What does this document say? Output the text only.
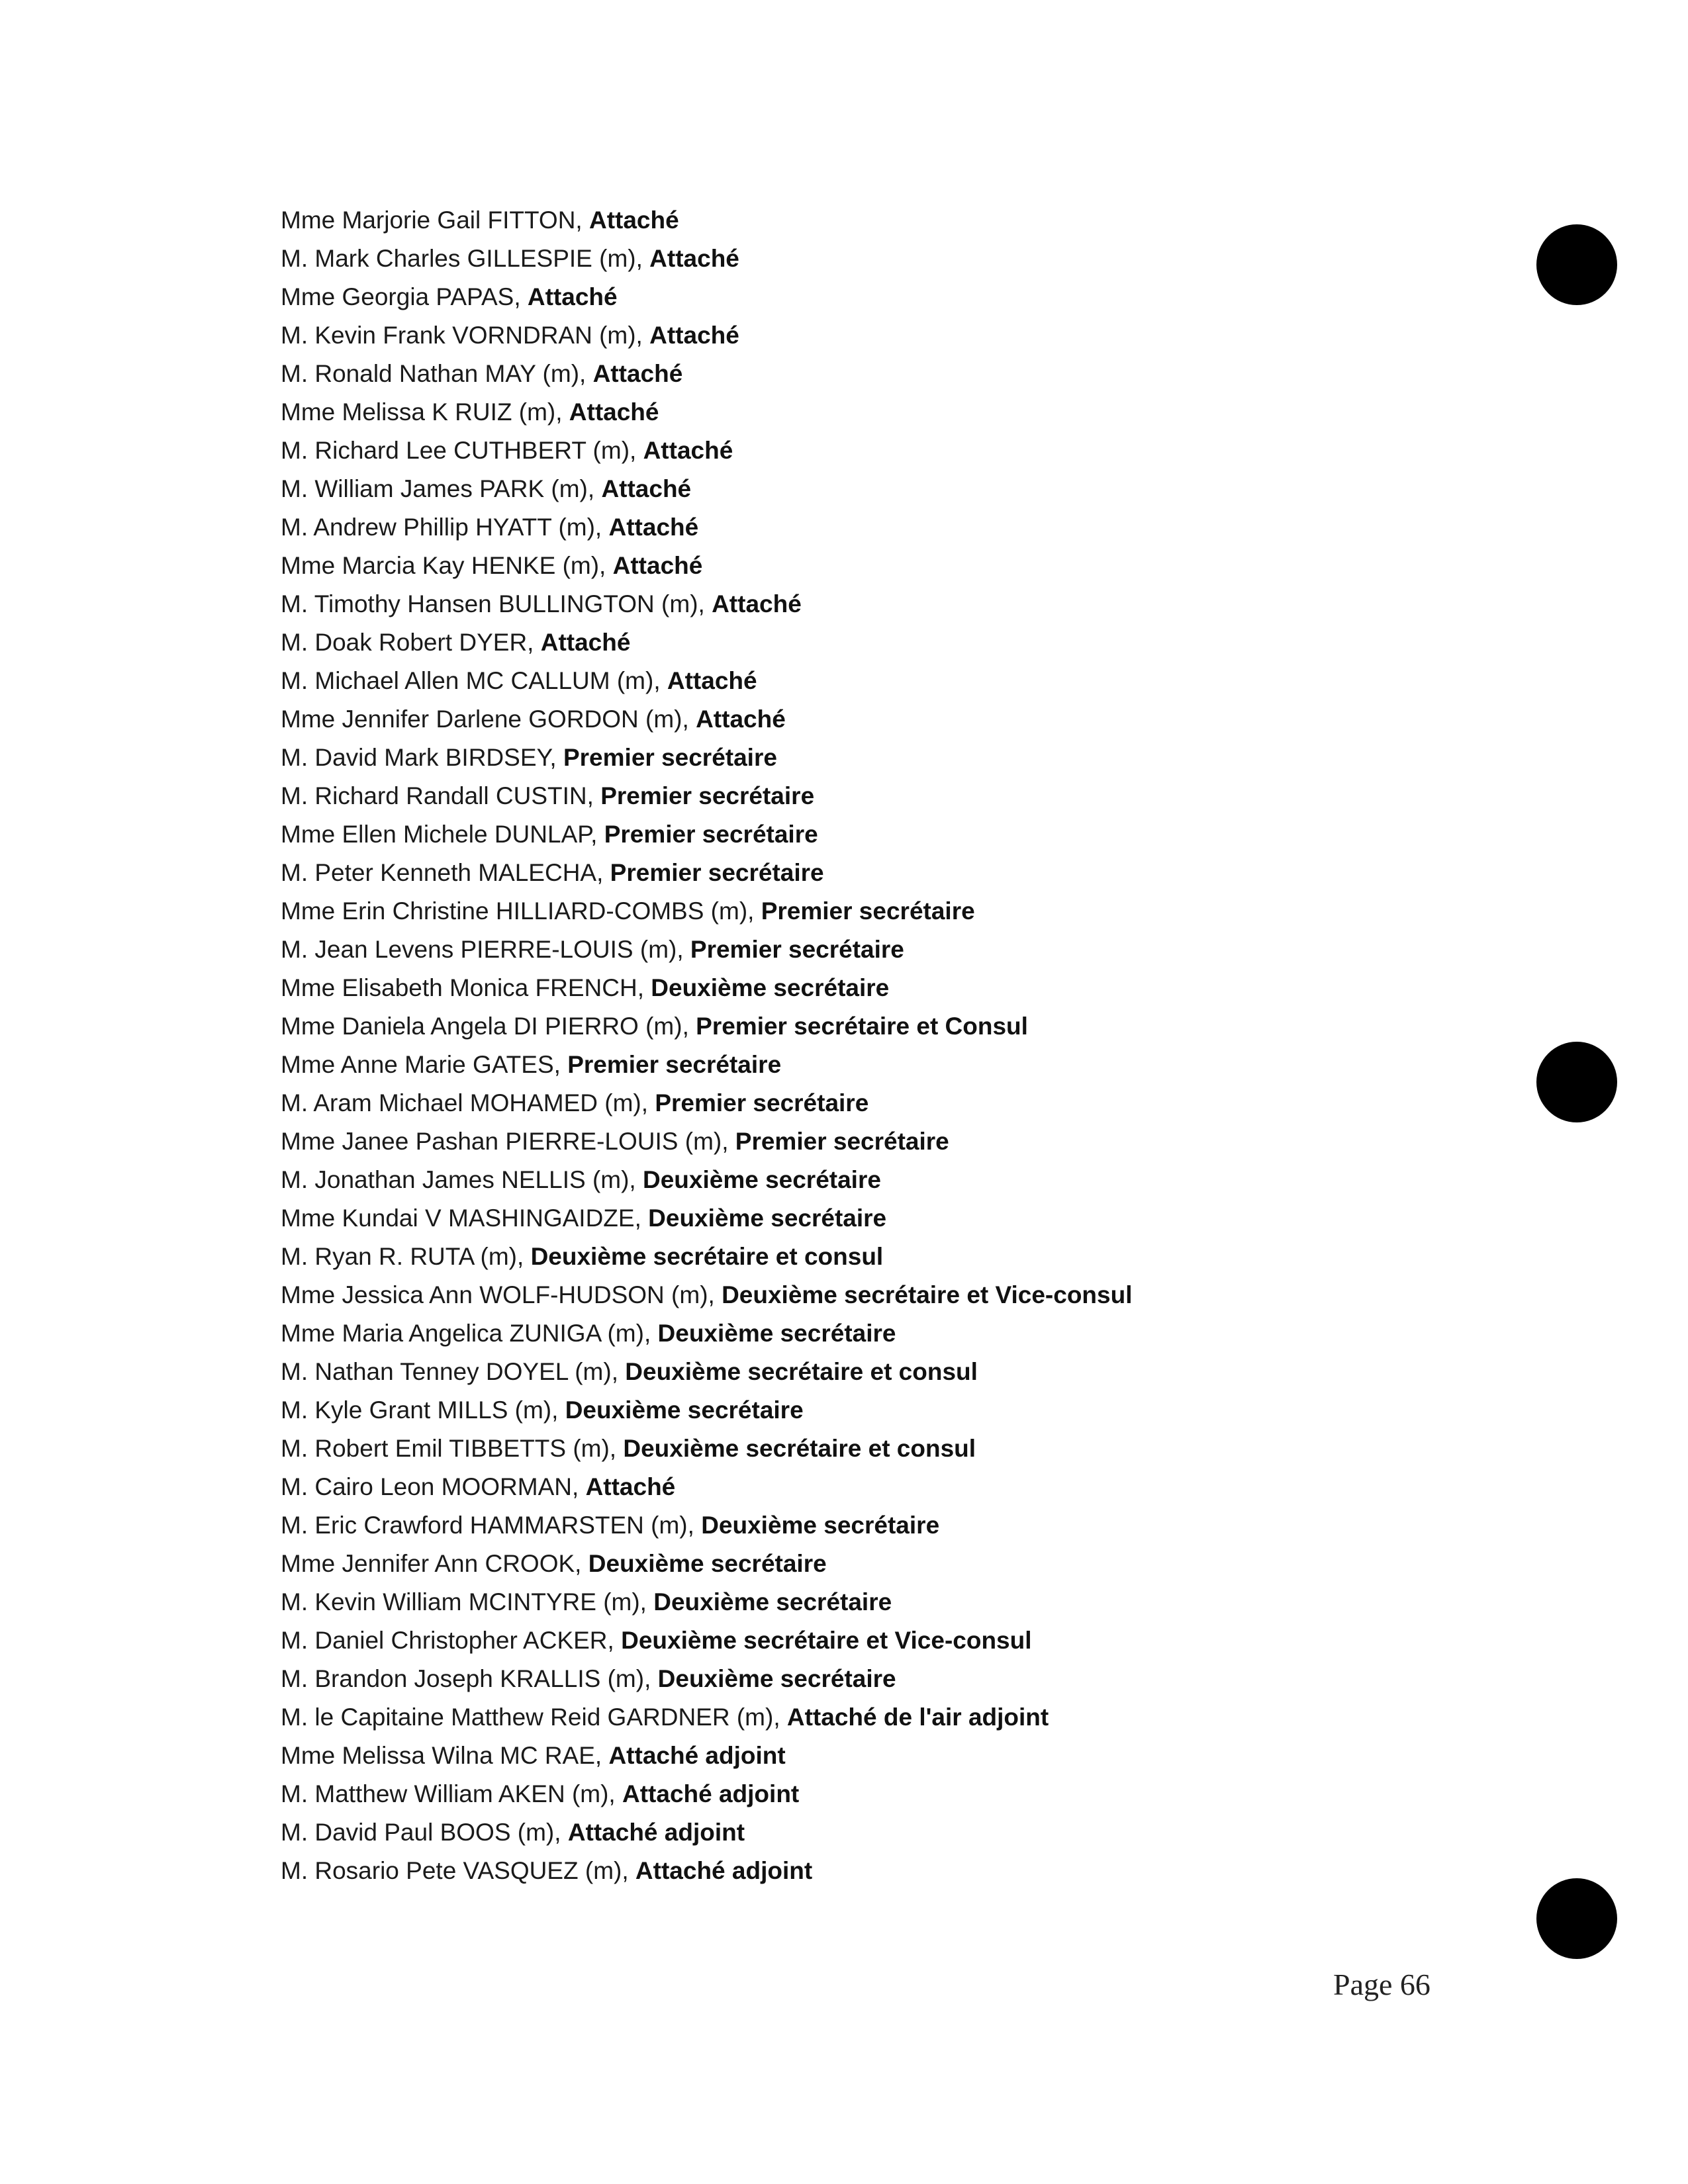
Mme Marjorie Gail FITTON, Attaché
M. Mark Charles GILLESPIE (m), Attaché
Mme Georgia PAPAS, Attaché
M. Kevin Frank VORNDRAN (m), Attaché
M. Ronald Nathan MAY (m), Attaché
Mme Melissa K RUIZ (m), Attaché
M. Richard Lee CUTHBERT (m), Attaché
M. William James PARK (m), Attaché
M. Andrew Phillip HYATT (m), Attaché
Mme Marcia Kay HENKE (m), Attaché
M. Timothy Hansen BULLINGTON (m), Attaché
M. Doak Robert DYER, Attaché
M. Michael Allen MC CALLUM (m), Attaché
Mme Jennifer Darlene GORDON (m), Attaché
M. David Mark BIRDSEY, Premier secrétaire
M. Richard Randall CUSTIN, Premier secrétaire
Mme Ellen Michele DUNLAP, Premier secrétaire
M. Peter Kenneth MALECHA, Premier secrétaire
Mme Erin Christine HILLIARD-COMBS (m), Premier secrétaire
M. Jean Levens PIERRE-LOUIS (m), Premier secrétaire
Mme Elisabeth Monica FRENCH, Deuxième secrétaire
Mme Daniela Angela DI PIERRO (m), Premier secrétaire et Consul
Mme Anne Marie GATES, Premier secrétaire
M. Aram Michael MOHAMED (m), Premier secrétaire
Mme Janee Pashan PIERRE-LOUIS (m), Premier secrétaire
M. Jonathan James NELLIS (m), Deuxième secrétaire
Mme Kundai V MASHINGAIDZE, Deuxième secrétaire
M. Ryan R. RUTA (m), Deuxième secrétaire et consul
Mme Jessica Ann WOLF-HUDSON (m), Deuxième secrétaire et Vice-consul
Mme Maria Angelica ZUNIGA (m), Deuxième secrétaire
M. Nathan Tenney DOYEL (m), Deuxième secrétaire et consul
M. Kyle Grant MILLS (m), Deuxième secrétaire
M. Robert Emil TIBBETTS (m), Deuxième secrétaire et consul
M. Cairo Leon MOORMAN, Attaché
M. Eric Crawford HAMMARSTEN (m), Deuxième secrétaire
Mme Jennifer Ann CROOK, Deuxième secrétaire
M. Kevin William MCINTYRE (m), Deuxième secrétaire
M. Daniel Christopher ACKER, Deuxième secrétaire et Vice-consul
M. Brandon Joseph KRALLIS (m), Deuxième secrétaire
M. le Capitaine Matthew Reid GARDNER (m), Attaché de l'air adjoint
Mme Melissa Wilna MC RAE, Attaché adjoint
M. Matthew William AKEN (m), Attaché adjoint
M. David Paul BOOS (m), Attaché adjoint
M. Rosario Pete VASQUEZ (m), Attaché adjoint
Page 66
